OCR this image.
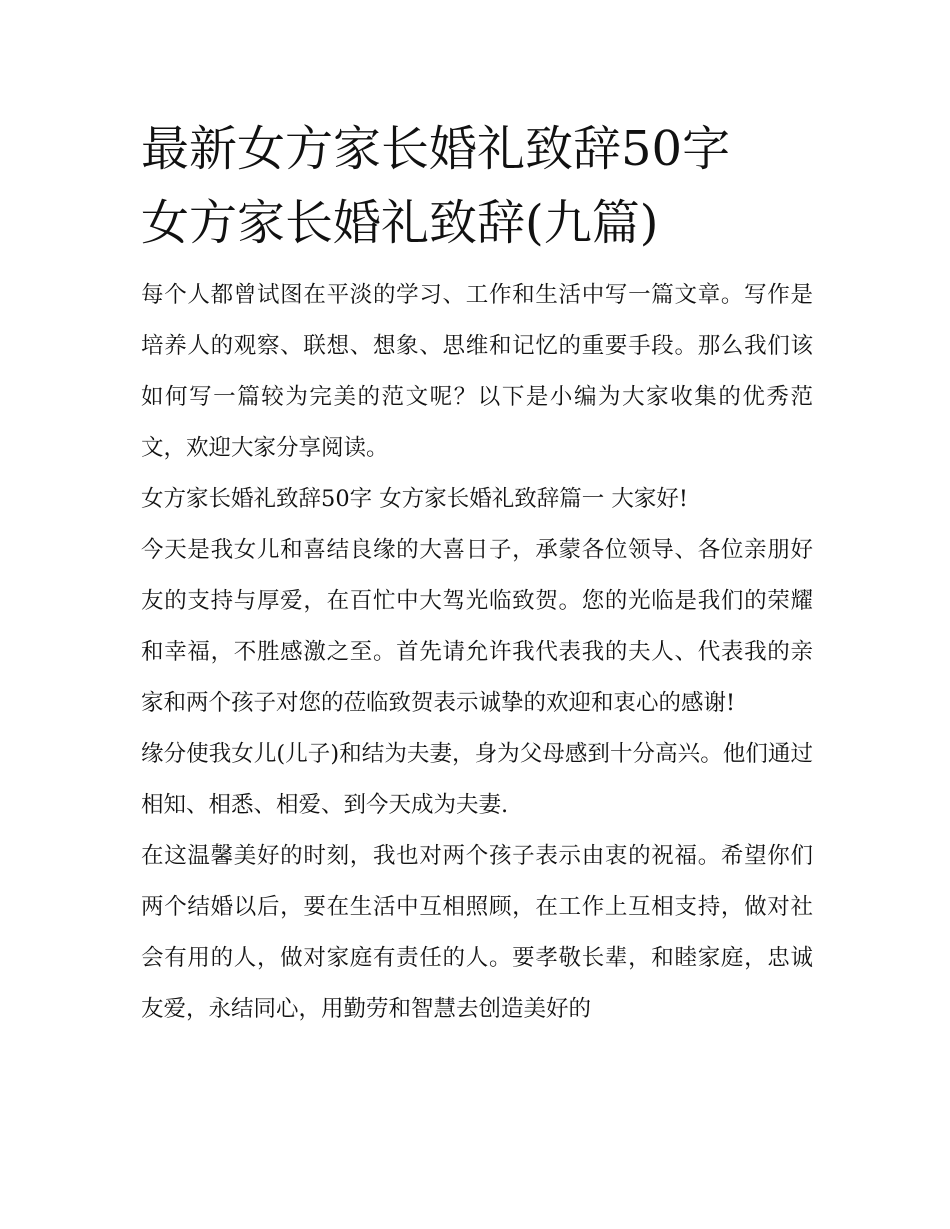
最新女方家长婚礼致辞50字
女方家长婚礼致辞(九篇)

每个人都曾试图在平淡的学习、工作和生活中写一篇文章。写作是培养人的观察、联想、想象、思维和记忆的重要手段。那么我们该如何写一篇较为完美的范文呢？以下是小编为大家收集的优秀范文，欢迎大家分享阅读。

女方家长婚礼致辞50字 女方家长婚礼致辞篇一 大家好!

今天是我女儿和喜结良缘的大喜日子，承蒙各位领导、各位亲朋好友的支持与厚爱，在百忙中大驾光临致贺。您的光临是我们的荣耀和幸福，不胜感激之至。首先请允许我代表我的夫人、代表我的亲家和两个孩子对您的莅临致贺表示诚挚的欢迎和衷心的感谢!

缘分使我女儿(儿子)和结为夫妻，身为父母感到十分高兴。他们通过相知、相悉、相爱、到今天成为夫妻.

在这温馨美好的时刻，我也对两个孩子表示由衷的祝福。希望你们两个结婚以后，要在生活中互相照顾，在工作上互相支持，做对社会有用的人，做对家庭有责任的人。要孝敬长辈，和睦家庭，忠诚友爱，永结同心，用勤劳和智慧去创造美好的
